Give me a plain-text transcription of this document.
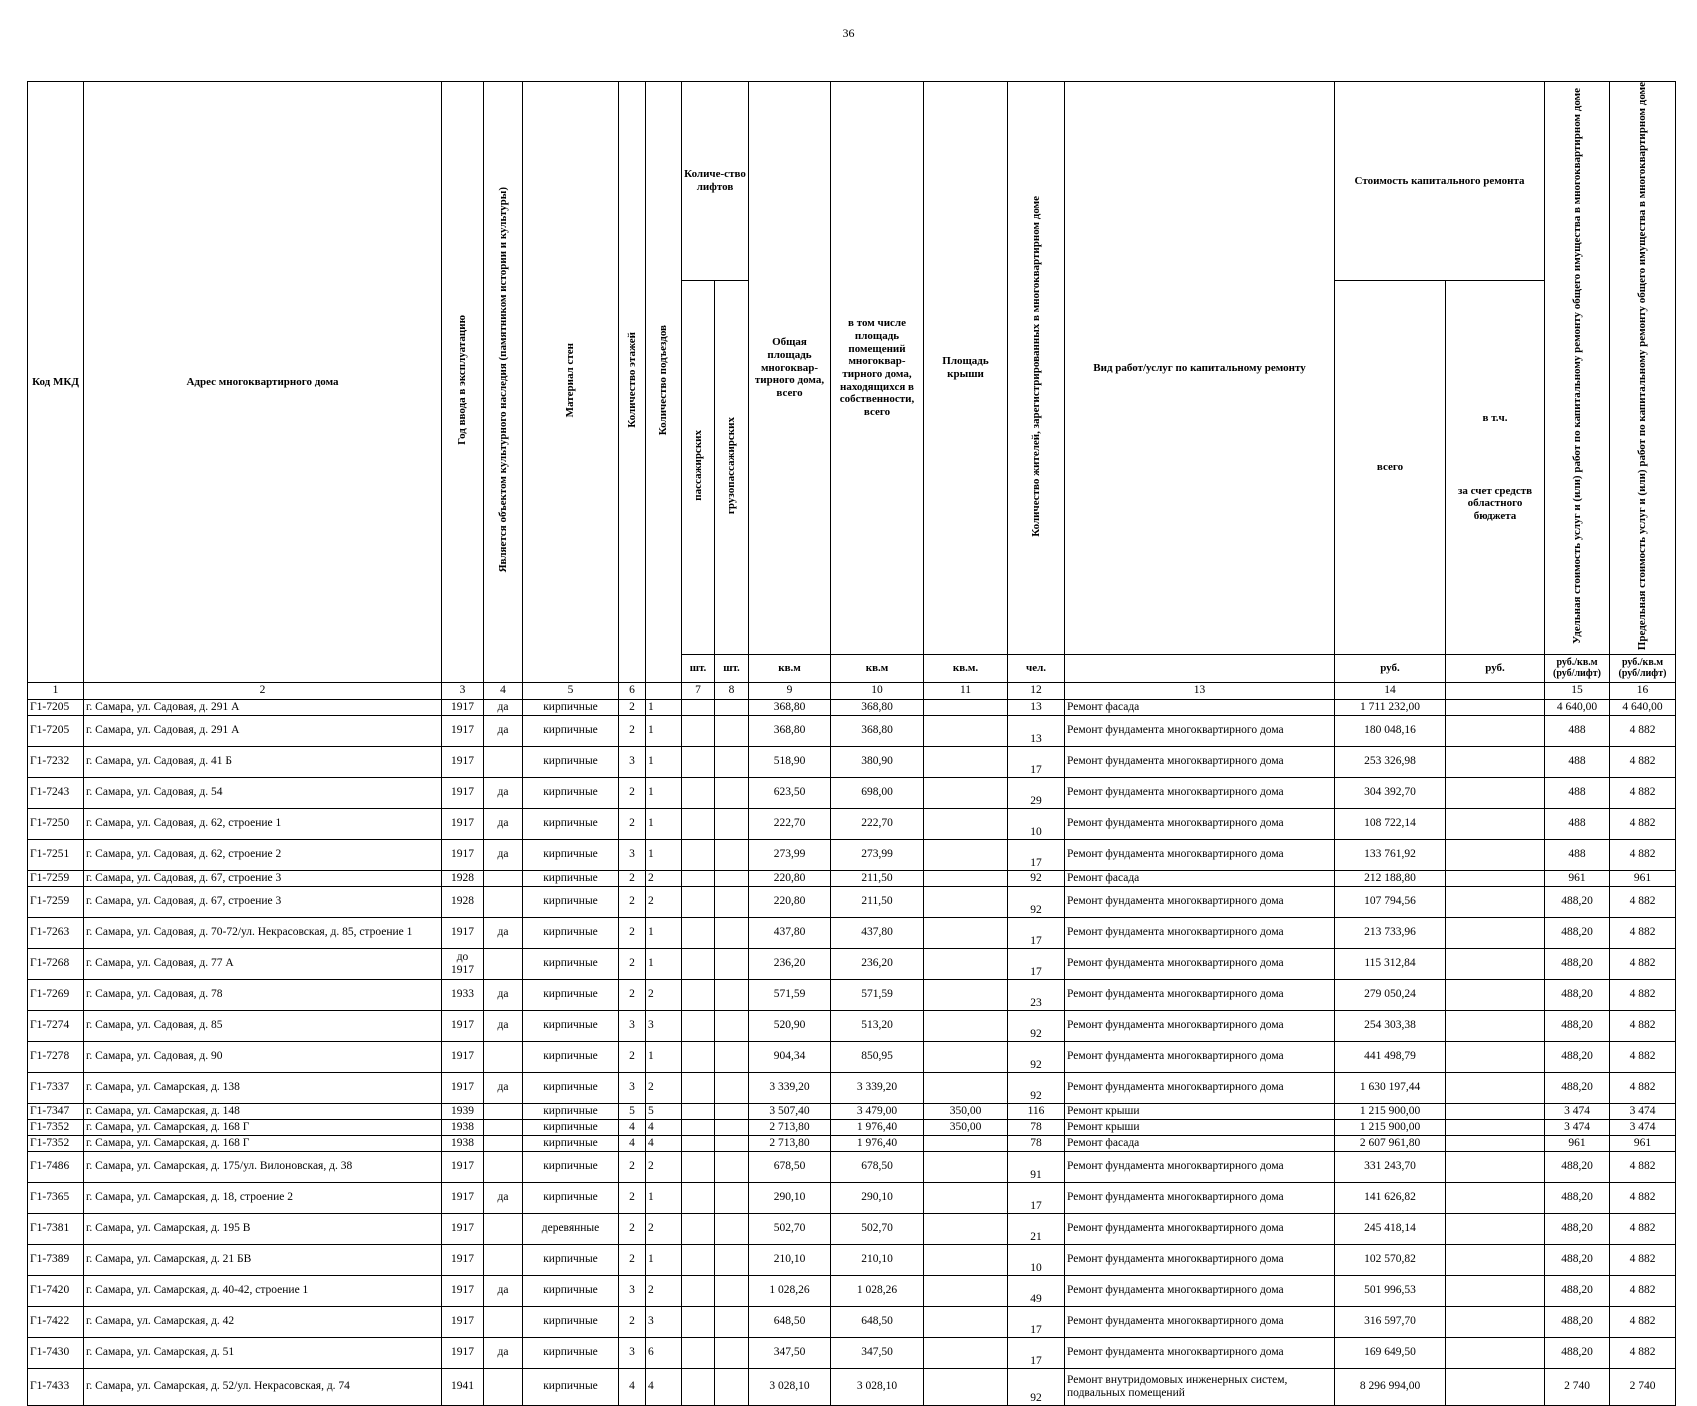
36
Код МКД	Адрес многоквартирного дома	Год ввода в эксплуатацию	Является объектом культурного наследия (памятником истории и культуры)	Материал стен	Количество этажей	Количество подъездов	Количе-ство лифтов		Общая площадь многоквар-тирного дома, всего	в том числе площадь помещений многоквар-тирного дома, находящихся в собственности, всего	Площадь крыши	Количество жителей, зарегистрированных в многоквартирном доме	Вид работ/услуг по капитальному ремонту	Стоимость капитального ремонта		Удельная стоимость услуг и (или) работ по капитальному ремонту общего имущества в многоквартирном доме	Предельная стоимость услуг и (или) работ по капитальному ремонту общего имущества в многоквартирном доме
							пассажирских	грузопассажирских						всего	в т.ч.
за счет средств областного бюджета		

							шт.	шт.	кв.м	кв.м	кв.м.	чел.		руб.	руб.	руб./кв.м (руб/лифт)	руб./кв.м (руб/лифт)
1	2	3	4	5	6		7	8	9	10	11	12	13	14		15	16
Г1-7205	г. Самара, ул. Садовая, д. 291 А	1917	да	кирпичные	2	1			368,80	368,80		13	Ремонт фасада	1 711 232,00		4 640,00	4 640,00
Г1-7205	г. Самара, ул. Садовая, д. 291 А	1917	да	кирпичные	2	1			368,80	368,80		13	Ремонт фундамента многоквартирного дома	180 048,16		488	4 882
Г1-7232	г. Самара, ул. Садовая, д. 41 Б	1917		кирпичные	3	1			518,90	380,90		17	Ремонт фундамента многоквартирного дома	253 326,98		488	4 882
Г1-7243	г. Самара, ул. Садовая, д. 54	1917	да	кирпичные	2	1			623,50	698,00		29	Ремонт фундамента многоквартирного дома	304 392,70		488	4 882
Г1-7250	г. Самара, ул. Садовая, д. 62, строение 1	1917	да	кирпичные	2	1			222,70	222,70		10	Ремонт фундамента многоквартирного дома	108 722,14		488	4 882
Г1-7251	г. Самара, ул. Садовая, д. 62, строение 2	1917	да	кирпичные	3	1			273,99	273,99		17	Ремонт фундамента многоквартирного дома	133 761,92		488	4 882
Г1-7259	г. Самара, ул. Садовая, д. 67, строение 3	1928		кирпичные	2	2			220,80	211,50		92	Ремонт фасада	212 188,80		961	961
Г1-7259	г. Самара, ул. Садовая, д. 67, строение 3	1928		кирпичные	2	2			220,80	211,50		92	Ремонт фундамента многоквартирного дома	107 794,56		488,20	4 882
Г1-7263	г. Самара, ул. Садовая, д. 70-72/ул. Некрасовская, д. 85, строение 1	1917	да	кирпичные	2	1			437,80	437,80		17	Ремонт фундамента многоквартирного дома	213 733,96		488,20	4 882
Г1-7268	г. Самара, ул. Садовая, д. 77 А	до 1917		кирпичные	2	1			236,20	236,20		17	Ремонт фундамента многоквартирного дома	115 312,84		488,20	4 882
Г1-7269	г. Самара, ул. Садовая, д. 78	1933	да	кирпичные	2	2			571,59	571,59		23	Ремонт фундамента многоквартирного дома	279 050,24		488,20	4 882
Г1-7274	г. Самара, ул. Садовая, д. 85	1917	да	кирпичные	3	3			520,90	513,20		92	Ремонт фундамента многоквартирного дома	254 303,38		488,20	4 882
Г1-7278	г. Самара, ул. Садовая, д. 90	1917		кирпичные	2	1			904,34	850,95		92	Ремонт фундамента многоквартирного дома	441 498,79		488,20	4 882
Г1-7337	г. Самара, ул. Самарская, д. 138	1917	да	кирпичные	3	2			3 339,20	3 339,20		92	Ремонт фундамента многоквартирного дома	1 630 197,44		488,20	4 882
Г1-7347	г. Самара, ул. Самарская, д. 148	1939		кирпичные	5	5			3 507,40	3 479,00	350,00	116	Ремонт крыши	1 215 900,00		3 474	3 474
Г1-7352	г. Самара, ул. Самарская, д. 168 Г	1938		кирпичные	4	4			2 713,80	1 976,40	350,00	78	Ремонт крыши	1 215 900,00		3 474	3 474
Г1-7352	г. Самара, ул. Самарская, д. 168 Г	1938		кирпичные	4	4			2 713,80	1 976,40		78	Ремонт фасада	2 607 961,80		961	961
Г1-7486	г. Самара, ул. Самарская, д. 175/ул. Вилоновская, д. 38	1917		кирпичные	2	2			678,50	678,50		91	Ремонт фундамента многоквартирного дома	331 243,70		488,20	4 882
Г1-7365	г. Самара, ул. Самарская, д. 18, строение 2	1917	да	кирпичные	2	1			290,10	290,10		17	Ремонт фундамента многоквартирного дома	141 626,82		488,20	4 882
Г1-7381	г. Самара, ул. Самарская, д. 195 В	1917		деревянные	2	2			502,70	502,70		21	Ремонт фундамента многоквартирного дома	245 418,14		488,20	4 882
Г1-7389	г. Самара, ул. Самарская, д. 21 БВ	1917		кирпичные	2	1			210,10	210,10		10	Ремонт фундамента многоквартирного дома	102 570,82		488,20	4 882
Г1-7420	г. Самара, ул. Самарская, д. 40-42, строение 1	1917	да	кирпичные	3	2			1 028,26	1 028,26		49	Ремонт фундамента многоквартирного дома	501 996,53		488,20	4 882
Г1-7422	г. Самара, ул. Самарская, д. 42	1917		кирпичные	2	3			648,50	648,50		17	Ремонт фундамента многоквартирного дома	316 597,70		488,20	4 882
Г1-7430	г. Самара, ул. Самарская, д. 51	1917	да	кирпичные	3	6			347,50	347,50		17	Ремонт фундамента многоквартирного дома	169 649,50		488,20	4 882
Г1-7433	г. Самара, ул. Самарская, д. 52/ул. Некрасовская, д. 74	1941		кирпичные	4	4			3 028,10	3 028,10		92	Ремонт внутридомовых инженерных систем, подвальных помещений	8 296 994,00		2 740	2 740
